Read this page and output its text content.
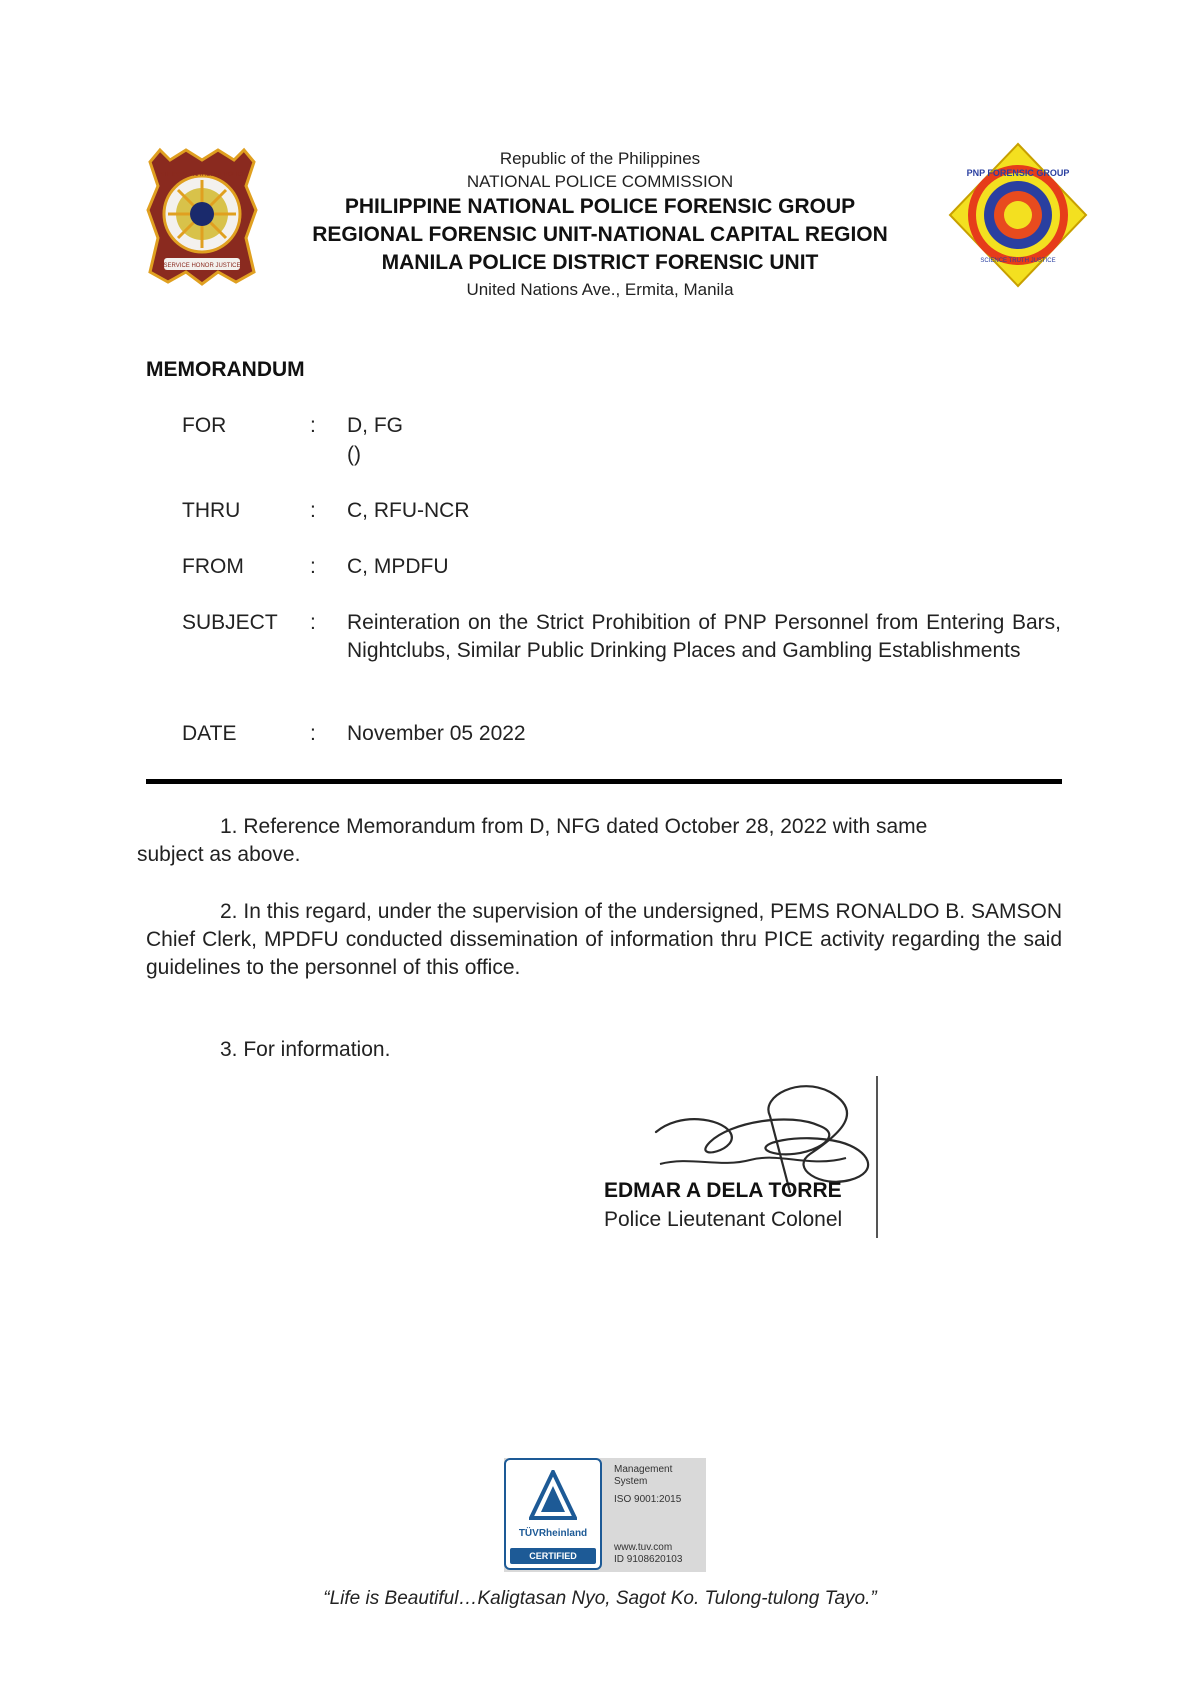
SERVICE HONOR JUSTICE
PHILIPPINE NATIONAL POLICE	PNP FORENSIC GROUP
SCIENCE TRUTH JUSTICE
Republic of the Philippines
NATIONAL POLICE COMMISSION
PHILIPPINE NATIONAL POLICE FORENSIC GROUP
REGIONAL FORENSIC UNIT-NATIONAL CAPITAL REGION
MANILA POLICE DISTRICT FORENSIC UNIT
United Nations Ave., Ermita, Manila
MEMORANDUM
FOR	: D, FG
()
THRU	: C, RFU-NCR
FROM	: C, MPDFU
SUBJECT : Reinteration on the Strict Prohibition of PNP Personnel from Entering Bars, Nightclubs, Similar Public Drinking Places and Gambling Establishments
DATE	: November 05 2022
1. Reference Memorandum from D, NFG dated October 28, 2022 with same
subject as above.
2. In this regard, under the supervision of the undersigned, PEMS RONALDO B. SAMSON Chief Clerk, MPDFU conducted dissemination of information thru PICE activity regarding the said guidelines to the personnel of this office.
3. For information.
EDMAR A DELA TORRE
Police Lieutenant Colonel
TÜVRheinland
CERTIFIED
Management
System
ISO 9001:2015
www.tuv.com
ID 9108620103
“Life is Beautiful…Kaligtasan Nyo, Sagot Ko. Tulong-tulong Tayo.”
